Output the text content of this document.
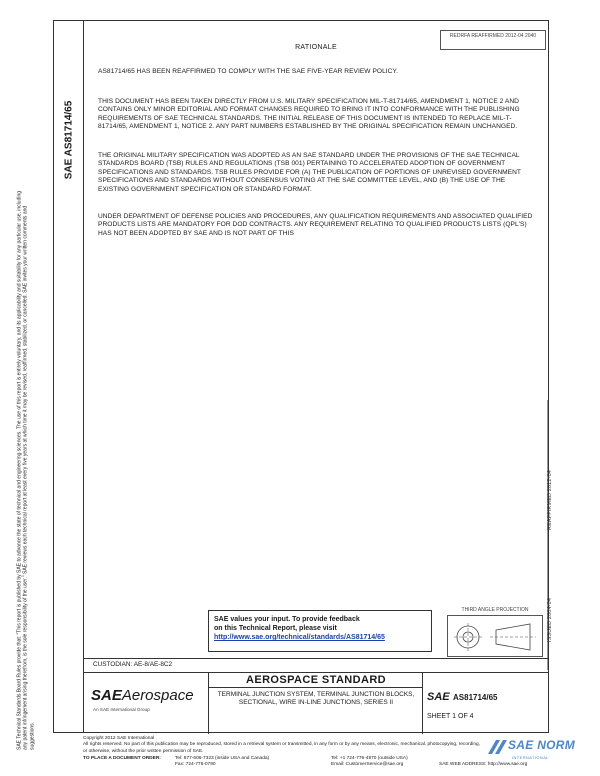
SAE Technical Standards Board Rules provide that: "This report is published by SAE to advance the state of technical and engineering sciences. The use of this report is entirely voluntary, and its applicability and suitability for any particular use, including any patent infringement arising therefrom, is the sole responsibility of the user." SAE reviews each technical report at least every five years at which time it may be revised, reaffirmed, stabilized, or cancelled. SAE invites your written comments and suggestions.
SAE AS81714/65
REDRFA REAFFIRMED 2012-04 2040
RATIONALE
AS81714/65 HAS BEEN REAFFIRMED TO COMPLY WITH THE SAE FIVE-YEAR REVIEW POLICY.
THIS DOCUMENT HAS BEEN TAKEN DIRECTLY FROM U.S. MILITARY SPECIFICATION MIL-T-81714/65, AMENDMENT 1, NOTICE 2 AND CONTAINS ONLY MINOR EDITORIAL AND FORMAT CHANGES REQUIRED TO BRING IT INTO CONFORMANCE WITH THE PUBLISHING REQUIREMENTS OF SAE TECHNICAL STANDARDS. THE INITIAL RELEASE OF THIS DOCUMENT IS INTENDED TO REPLACE MIL-T-81714/65, AMENDMENT 1, NOTICE 2. ANY PART NUMBERS ESTABLISHED BY THE ORIGINAL SPECIFICATION REMAIN UNCHANGED.
THE ORIGINAL MILITARY SPECIFICATION WAS ADOPTED AS AN SAE STANDARD UNDER THE PROVISIONS OF THE SAE TECHNICAL STANDARDS BOARD (TSB) RULES AND REGULATIONS (TSB 001) PERTAINING TO ACCELERATED ADOPTION OF GOVERNMENT SPECIFICATIONS AND STANDARDS. TSB RULES PROVIDE FOR (A) THE PUBLICATION OF PORTIONS OF UNREVISED GOVERNMENT SPECIFICATIONS AND STANDARDS WITHOUT CONSENSUS VOTING AT THE SAE COMMITTEE LEVEL, AND (B) THE USE OF THE EXISTING GOVERNMENT SPECIFICATION OR STANDARD FORMAT.
UNDER DEPARTMENT OF DEFENSE POLICIES AND PROCEDURES, ANY QUALIFICATION REQUIREMENTS AND ASSOCIATED QUALIFIED PRODUCTS LISTS ARE MANDATORY FOR DOD CONTRACTS. ANY REQUIREMENT RELATING TO QUALIFIED PRODUCTS LISTS (QPL'S) HAS NOT BEEN ADOPTED BY SAE AND IS NOT PART OF THIS
REAFFIRMED 2012-04
ISSUED 2004-04
SAE values your input. To provide feedback
on this Technical Report, please visit
http://www.sae.org/technical/standards/AS81714/65
THIRD ANGLE PROJECTION
CUSTODIAN: AE-8/AE-8C2
SAEAerospace
An SAE International Group
AEROSPACE STANDARD
TERMINAL JUNCTION SYSTEM, TERMINAL JUNCTION BLOCKS, SECTIONAL, WIRE IN-LINE JUNCTIONS, SERIES II	SAE AS81714/65
SHEET 1 OF 4
Copyright 2012 SAE International
All rights reserved. No part of this publication may be reproduced, stored in a retrieval system or transmitted, in any form or by any means, electronic, mechanical, photocopying, recording, or otherwise, without the prior written permission of SAE.
TO PLACE A DOCUMENT ORDER:	Tel: 877-606-7323 (inside USA and Canada)	Tel: +1 724-776-4970 (outside USA)
Fax: 724-776-0790	Email: CustomerService@sae.org	SAE WEB ADDRESS: http://www.sae.org
SAE NORM
INTERNATIONAL
